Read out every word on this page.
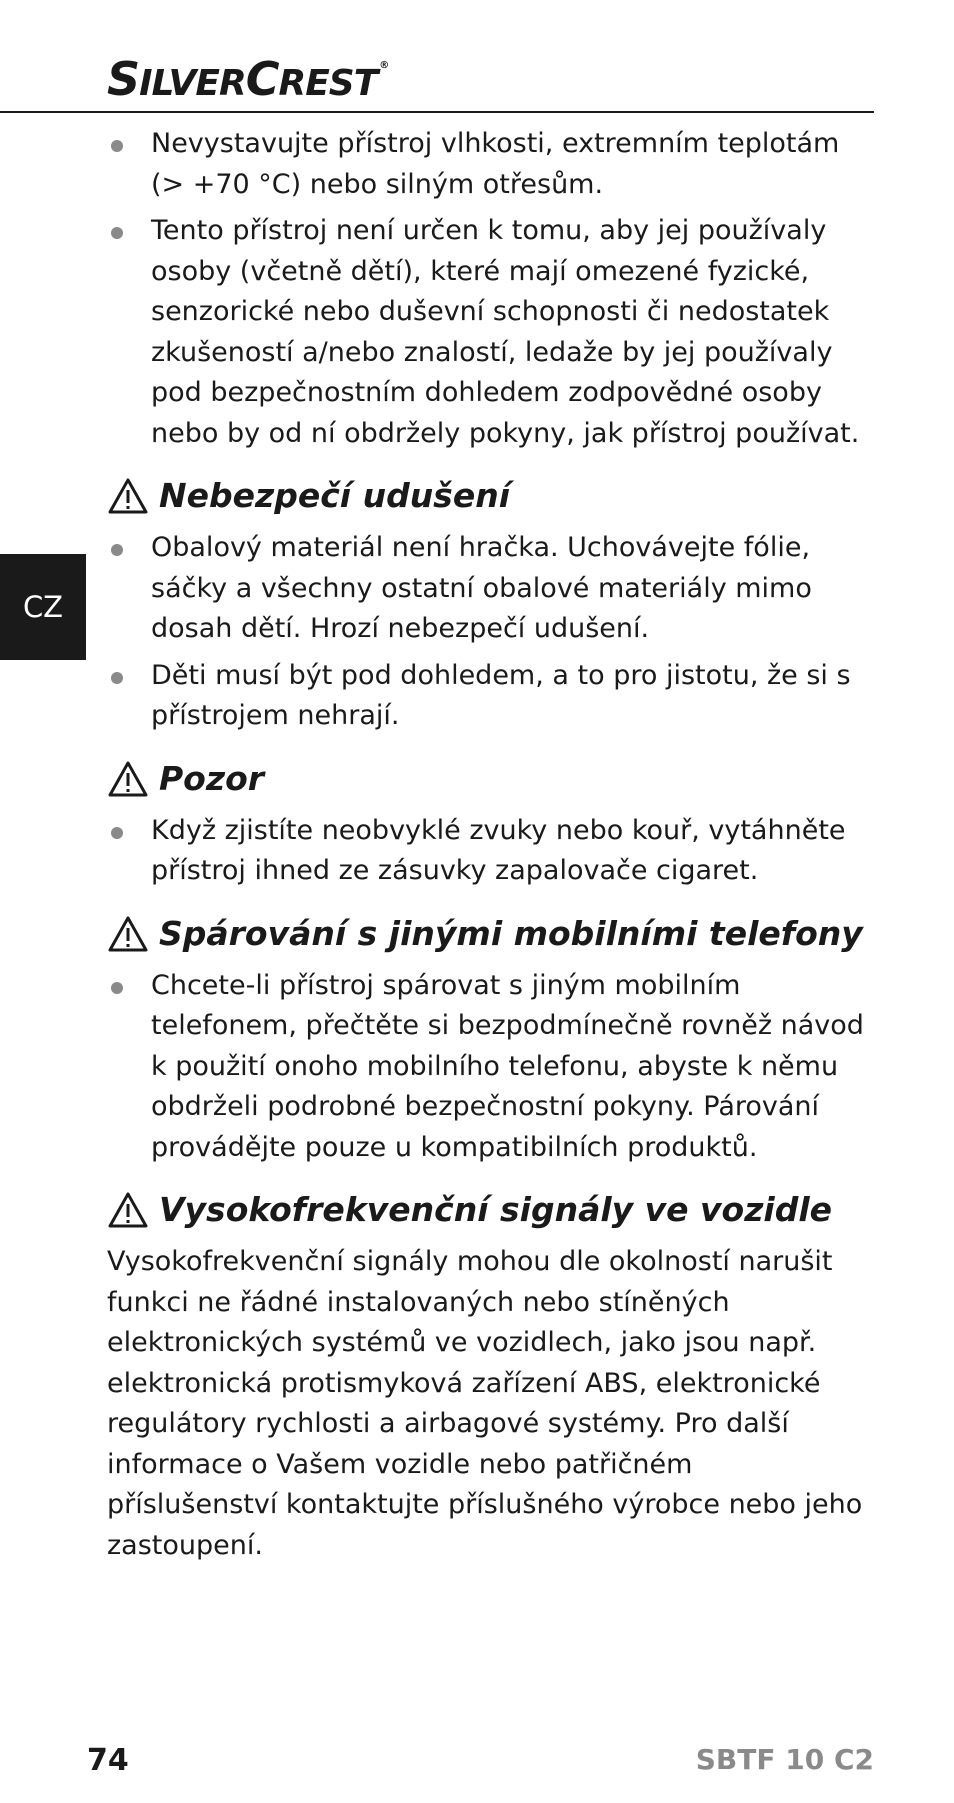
SILVERCREST ®
CZ
Nevystavujte přístroj vlhkosti, extremním teplotám (> +70 °C) nebo silným otřesům.
Tento přístroj není určen k tomu, aby jej používaly osoby (včetně dětí), které mají omezené fyzické, senzorické nebo duševní schopnosti či nedostatek zkušeností a/nebo znalostí, ledaže by jej používaly pod bezpečnostním dohledem zodpovědné osoby nebo by od ní obdržely pokyny, jak přístroj používat.
Nebezpečí udušení
Obalový materiál není hračka. Uchovávejte fólie, sáčky a všechny ostatní obalové materiály mimo dosah dětí. Hrozí nebezpečí udušení.
Děti musí být pod dohledem, a to pro jistotu, že si s přístrojem nehrají.
Pozor
Když zjistíte neobvyklé zvuky nebo kouř, vytáhněte přístroj ihned ze zásuvky zapalovače cigaret.
Spárování s jinými mobilními telefony
Chcete-li přístroj spárovat s jiným mobilním telefonem, přečtěte si bezpodmínečně rovněž návod k použití onoho mobilního telefonu, abyste k němu obdrželi podrobné bezpečnostní pokyny. Párování provádějte pouze u kompatibilních produktů.
Vysokofrekvenční signály ve vozidle

Vysokofrekvenční signály mohou dle okolností narušit funkci ne řádné instalovaných nebo stíněných elektronických systémů ve vozidlech, jako jsou např. elektronická protismyková zařízení ABS, elektronické regulátory rychlosti a airbagové systémy. Pro další informace o Vašem vozidle nebo patřičném příslušenství kontaktujte příslušného výrobce nebo jeho zastoupení.

74	SBTF 10 C2
